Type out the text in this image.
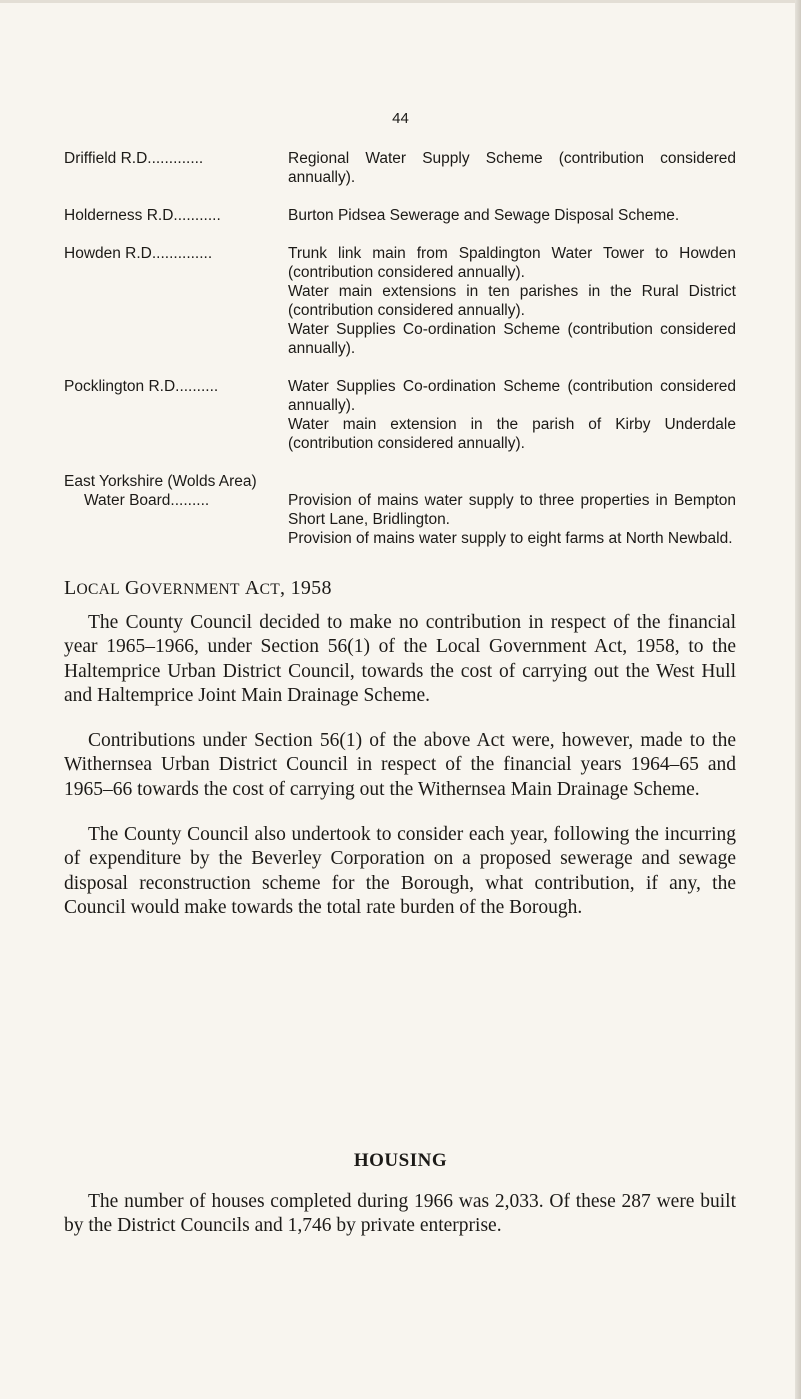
44
Driffield R.D.............	Regional Water Supply Scheme (contribution considered annually).

Holderness R.D...........	Burton Pidsea Sewerage and Sewage Disposal Scheme.

Howden R.D..............	Trunk link main from Spaldington Water Tower to Howden (contribution considered annually).

Water main extensions in ten parishes in the Rural District (contribution considered annually).

Water Supplies Co-ordination Scheme (contribution considered annually).

Pocklington R.D..........	Water Supplies Co-ordination Scheme (contribution considered annually).

Water main extension in the parish of Kirby Underdale (contribution considered annually).

East Yorkshire (Wolds Area)

Water Board.........	Provision of mains water supply to three properties in Bempton Short Lane, Bridlington.

Provision of mains water supply to eight farms at North Newbald.

LOCAL GOVERNMENT ACT, 1958

The County Council decided to make no contribution in respect of the financial year 1965–1966, under Section 56(1) of the Local Government Act, 1958, to the Haltemprice Urban District Council, towards the cost of carrying out the West Hull and Haltemprice Joint Main Drainage Scheme.

Contributions under Section 56(1) of the above Act were, however, made to the Withernsea Urban District Council in respect of the financial years 1964–65 and 1965–66 towards the cost of carrying out the Withernsea Main Drainage Scheme.

The County Council also undertook to consider each year, following the incurring of expenditure by the Beverley Corporation on a proposed sewerage and sewage disposal reconstruction scheme for the Borough, what contribution, if any, the Council would make towards the total rate burden of the Borough.

HOUSING

The number of houses completed during 1966 was 2,033. Of these 287 were built by the District Councils and 1,746 by private enterprise.
